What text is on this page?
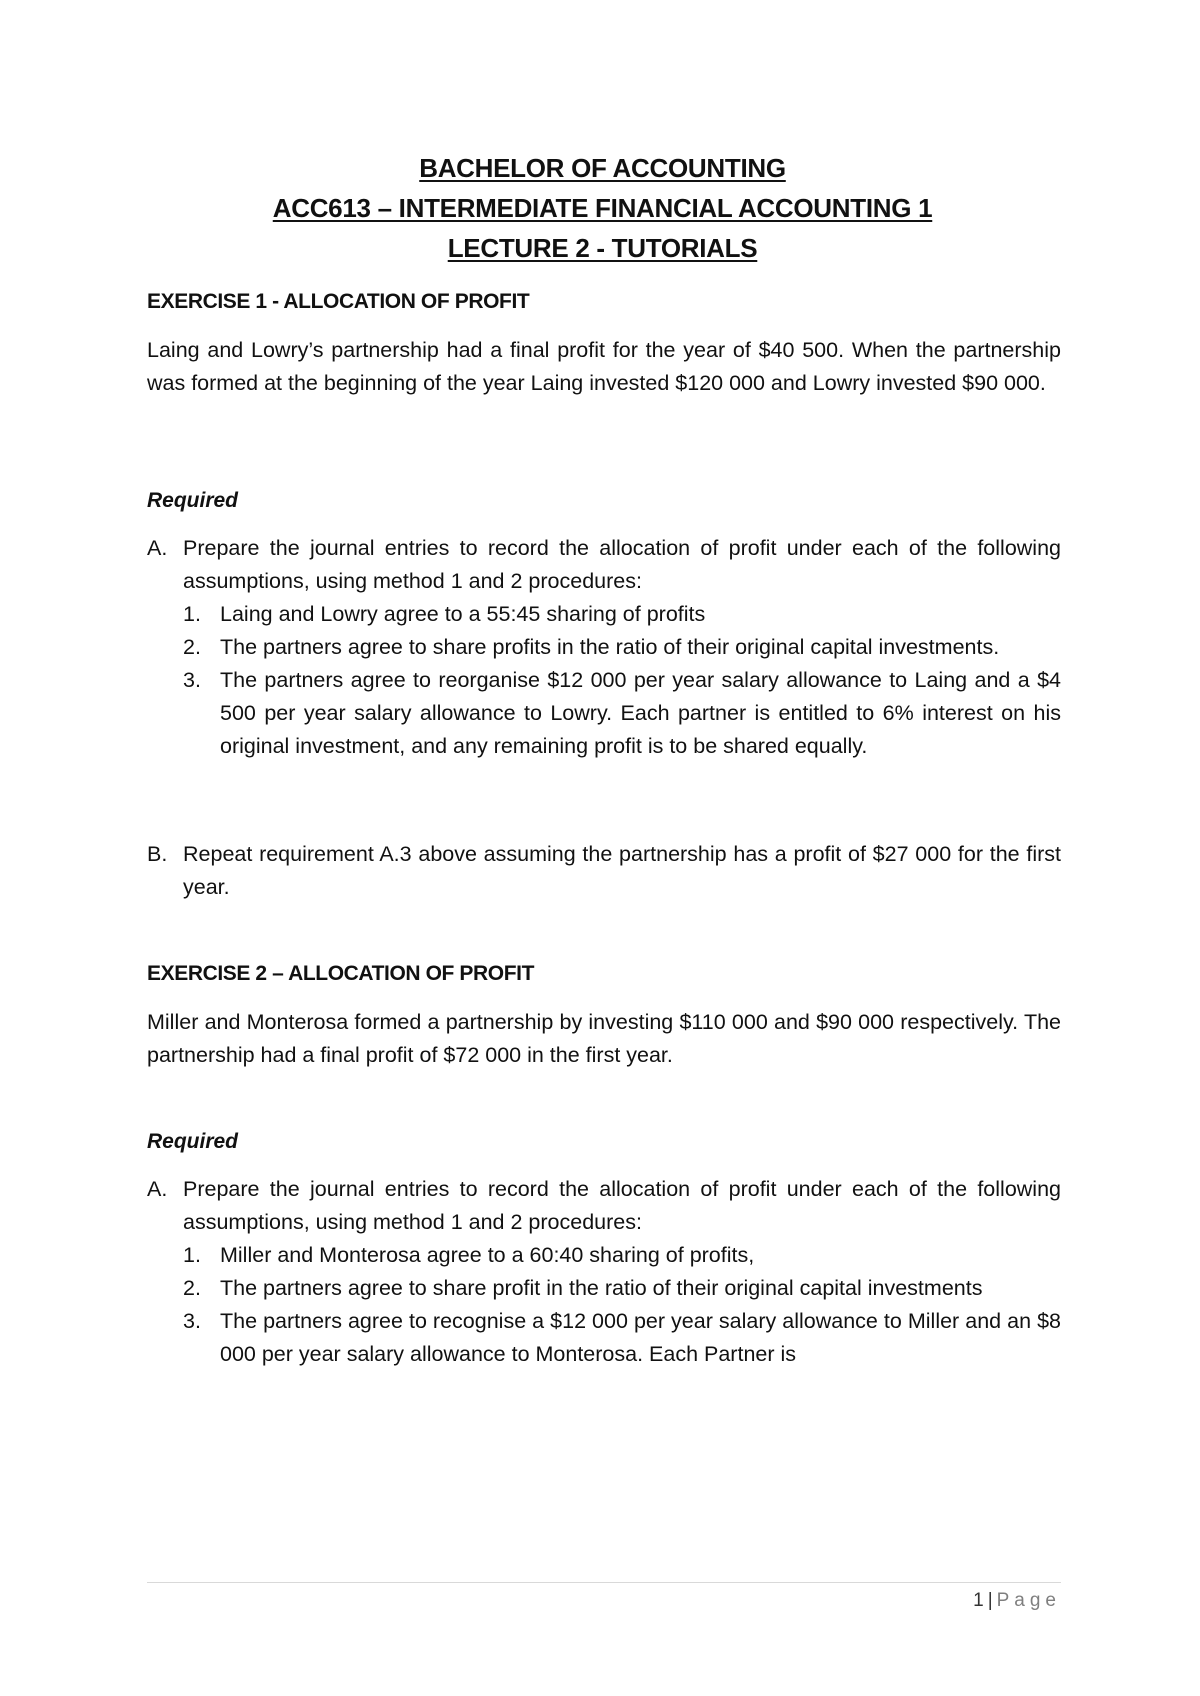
BACHELOR OF ACCOUNTING
ACC613 – INTERMEDIATE FINANCIAL ACCOUNTING 1
LECTURE 2 - TUTORIALS
EXERCISE 1 - ALLOCATION OF PROFIT
Laing and Lowry’s partnership had a final profit for the year of $40 500. When the partnership was formed at the beginning of the year Laing invested $120 000 and Lowry invested $90 000.
Required
A. Prepare the journal entries to record the allocation of profit under each of the following assumptions, using method 1 and 2 procedures:
1. Laing and Lowry agree to a 55:45 sharing of profits
2. The partners agree to share profits in the ratio of their original capital investments.
3. The partners agree to reorganise $12 000 per year salary allowance to Laing and a $4 500 per year salary allowance to Lowry. Each partner is entitled to 6% interest on his original investment, and any remaining profit is to be shared equally.
B. Repeat requirement A.3 above assuming the partnership has a profit of $27 000 for the first year.
EXERCISE 2 – ALLOCATION OF PROFIT
Miller and Monterosa formed a partnership by investing $110 000 and $90 000 respectively. The partnership had a final profit of $72 000 in the first year.
Required
A. Prepare the journal entries to record the allocation of profit under each of the following assumptions, using method 1 and 2 procedures:
1. Miller and Monterosa agree to a 60:40 sharing of profits,
2. The partners agree to share profit in the ratio of their original capital investments
3. The partners agree to recognise a $12 000 per year salary allowance to Miller and an $8 000 per year salary allowance to Monterosa. Each Partner is
1 | Page
